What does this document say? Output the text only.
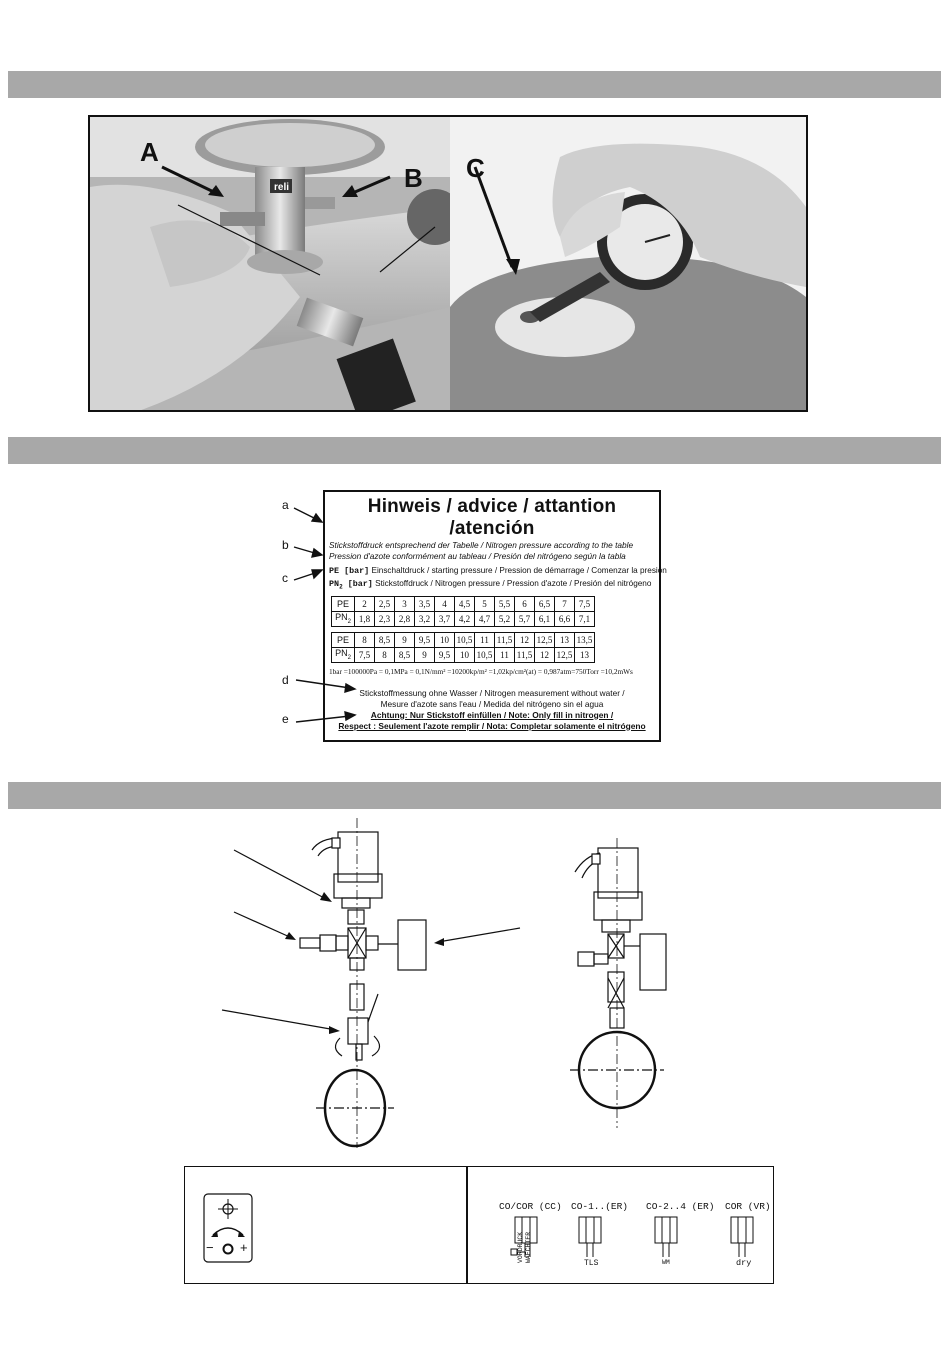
reli
A
B C
a
b
c
d
e
Hinweis / advice / attantion /atención
Stickstoffdruck entsprechend der Tabelle / Nitrogen pressure according to the table
Pression d'azote conformément au tableau / Presión del nitrógeno según la tabla
PE [bar] Einschaltdruck / starting pressure / Pression de démarrage / Comenzar la presión
$PN_2$ [bar] Stickstoffdruck / Nitrogen pressure / Pression d'azote / Presión del nitrógeno
PE	2	2,5	3	3,5	4	4,5	5	5,5	6	6,5	7	7,5
$PN_2$	1,8	2,3	2,8	3,2	3,7	4,2	4,7	5,2	5,7	6,1	6,6	7,1
PE	8	8,5	9	9,5	10	10,5	11	11,5	12	12,5	13	13,5
$PN_2$	7,5	8	8,5	9	9,5	10	10,5	11	11,5	12	12,5	13
1bar =100000Pa = 0,1MPa = 0,1N/mm² =10200kp/m² =1,02kp/cm²(at) = 0,987atm=750Torr =10,2mWs
Stickstoffmessung ohne Wasser / Nitrogen measurement without water /
Mesure d'azote sans l'eau / Medida del nitrógeno sin el agua
Achtung: Nur Stickstoff einfüllen / Note: Only fill in nitrogen /
Respect : Seulement l'azote remplir / Nota: Completar solamente el nitrógeno
− +
CO/COR (CC) CO-1..(ER) CO-2..4 (ER) COR (VR)
VORDRUCK WAECHTER
TLS	WM	dry
